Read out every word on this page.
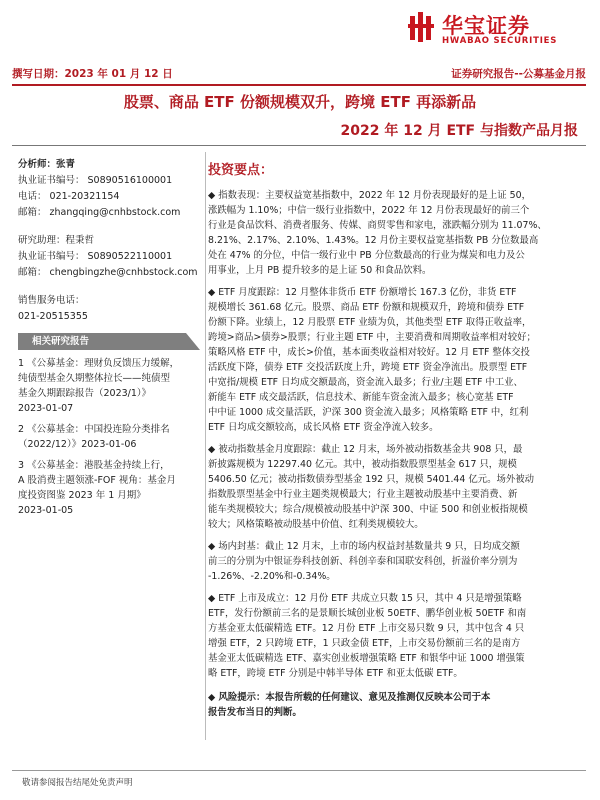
华宝证券
HWABAO SECURITIES
撰写日期：2023 年 01 月 12 日	证券研究报告--公募基金月报
股票、商品 ETF 份额规模双升，跨境 ETF 再添新品
2022 年 12 月 ETF 与指数产品月报
分析师：张青
执业证书编号： S0890516100001
电话： 021-20321154
邮箱： zhangqing@cnhbstock.com
研究助理：程秉哲
执业证书编号： S0890522110001
邮箱： chengbingzhe@cnhbstock.com
销售服务电话：
021-20515355
相关研究报告
1 《公募基金：理财负反馈压力缓解，
纯债型基金久期整体拉长——纯债型
基金久期跟踪报告（2023/1）》
2023-01-07
2 《公募基金：中国投连险分类排名
（2022/12）》2023-01-06
3 《公募基金：港股基金持续上行，
A 股消费主题领涨-FOF 视角：基金月
度投资图鉴 2023 年 1 月期》
2023-01-05
投资要点：
◆ 指数表现：主要权益宽基指数中，2022 年 12 月份表现最好的是上证 50，
涨跌幅为 1.10%；中信一级行业指数中，2022 年 12 月份表现最好的前三个
行业是食品饮料、消费者服务、传媒、商贸零售和家电，涨跌幅分别为 11.07%、
8.21%、2.17%、2.10%、1.43%。12 月份主要权益宽基指数 PB 分位数最高
处在 47% 的分位，中信一级行业中 PB 分位数最高的行业为煤炭和电力及公
用事业，上月 PB 提升较多的是上证 50 和食品饮料。
◆ ETF 月度跟踪：12 月整体非货币 ETF 份额增长 167.3 亿份，非货 ETF
规模增长 361.68 亿元。股票、商品 ETF 份额和规模双升，跨境和债券 ETF
份额下降。业绩上，12 月股票 ETF 业绩为负，其他类型 ETF 取得正收益率，
跨境>商品>债券>股票；行业主题 ETF 中，主要消费和周期收益率相对较好；
策略风格 ETF 中，成长>价值，基本面类收益相对较好。12 月 ETF 整体交投
活跃度下降，债券 ETF 交投活跃度上升，跨境 ETF 资金净流出。股票型 ETF
中宽指/规模 ETF 日均成交额最高，资金流入最多；行业/主题 ETF 中工业、
新能车 ETF 成交最活跃，信息技术、新能车资金流入最多；核心宽基 ETF
中中证 1000 成交量活跃，沪深 300 资金流入最多；风格策略 ETF 中，红利
ETF 日均成交额较高，成长风格 ETF 资金净流入较多。
◆ 被动指数基金月度跟踪：截止 12 月末，场外被动指数基金共 908 只，最
新披露规模为 12297.40 亿元。其中，被动指数股票型基金 617 只，规模
5406.50 亿元；被动指数债券型基金 192 只，规模 5401.44 亿元。场外被动
指数股票型基金中行业主题类规模最大；行业主题被动股基中主要消费、新
能车类规模较大；综合/规模被动股基中沪深 300、中证 500 和创业板指规模
较大；风格策略被动股基中价值、红利类规模较大。
◆ 场内封基：截止 12 月末，上市的场内权益封基数量共 9 只，日均成交额
前三的分别为中银证券科技创新、科创辛泰和国联安科创，折溢价率分别为
-1.26%、-2.20%和-0.34%。
◆ ETF 上市及成立：12 月份 ETF 共成立只数 15 只，其中 4 只是增强策略
ETF，发行份额前三名的是景顺长城创业板 50ETF、鹏华创业板 50ETF 和南
方基金亚太低碳精选 ETF。12 月份 ETF 上市交易只数 9 只，其中包含 4 只
增强 ETF，2 只跨境 ETF，1 只政金债 ETF，上市交易份额前三名的是南方
基金亚太低碳精选 ETF、嘉实创业板增强策略 ETF 和银华中证 1000 增强策
略 ETF，跨境 ETF 分别是中韩半导体 ETF 和亚太低碳 ETF。
◆ 风险提示：本报告所载的任何建议、意见及推测仅反映本公司于本
报告发布当日的判断。
敬请参阅报告结尾处免责声明
